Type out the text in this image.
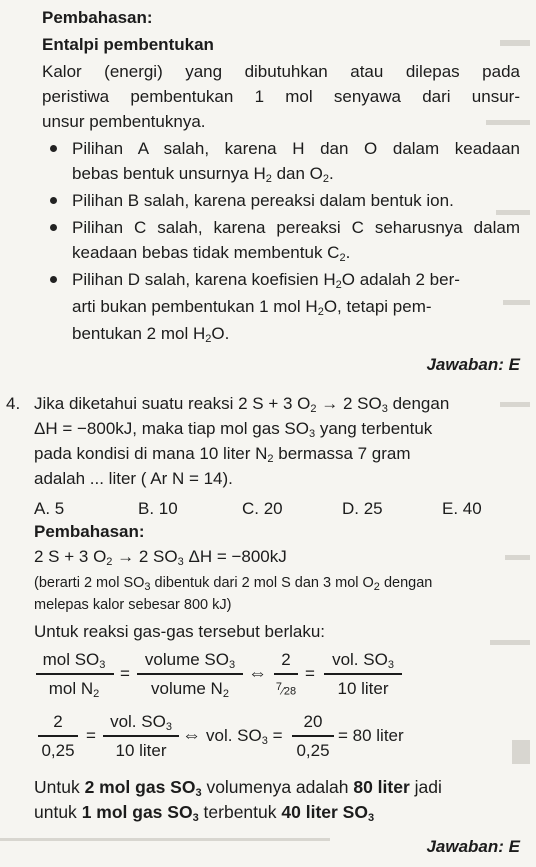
Pembahasan:
Entalpi pembentukan
Kalor (energi) yang dibutuhkan atau dilepas pada
peristiwa pembentukan 1 mol senyawa dari unsur-
unsur pembentuknya.
Pilihan A salah, karena H dan O dalam keadaan
bebas bentuk unsurnya $H_2$ dan $O_2$.
Pilihan B salah, karena pereaksi dalam bentuk ion.
Pilihan C salah, karena pereaksi C seharusnya dalam
keadaan bebas tidak membentuk $C_2$.
Pilihan D salah, karena koefisien $H_2O$ adalah 2 ber-
arti bukan pembentukan 1 mol $H_2O$, tetapi pem-
bentukan 2 mol $H_2O$.
Jawaban: E
4. Jika diketahui suatu reaksi 2 S + 3 $O_2 \to 2$ $SO_3$ dengan
ΔH = −800kJ, maka tiap mol gas $SO_3$ yang terbentuk
pada kondisi di mana 10 liter $N_2$ bermassa 7 gram
adalah ... liter ( Ar N = 14).
A. 5	B. 10	C. 20	D. 25	E. 40
Pembahasan:
2 S + 3 $O_2 \to 2$ $SO_3$ ΔH = −800kJ
(berarti 2 mol $SO_3$ dibentuk dari 2 mol S dan 3 mol $O_2$ dengan
melepas kalor sebesar 800 kJ)
Untuk reaksi gas-gas tersebut berlaku:
mol $SO_3$
mol $N_2$
=
volume $SO_3$
volume $N_2$
⇔
2
$^7$⁄28
=
vol. $SO_3$
10 liter
2
0,25
=
vol. $SO_3$
10 liter
⇔ vol. $SO_3$ =
20
0,25
= 80 liter
Untuk 2 mol gas $SO_3$ volumenya adalah 80 liter jadi
untuk 1 mol gas $SO_3$ terbentuk 40 liter $SO_3$
Jawaban: E
